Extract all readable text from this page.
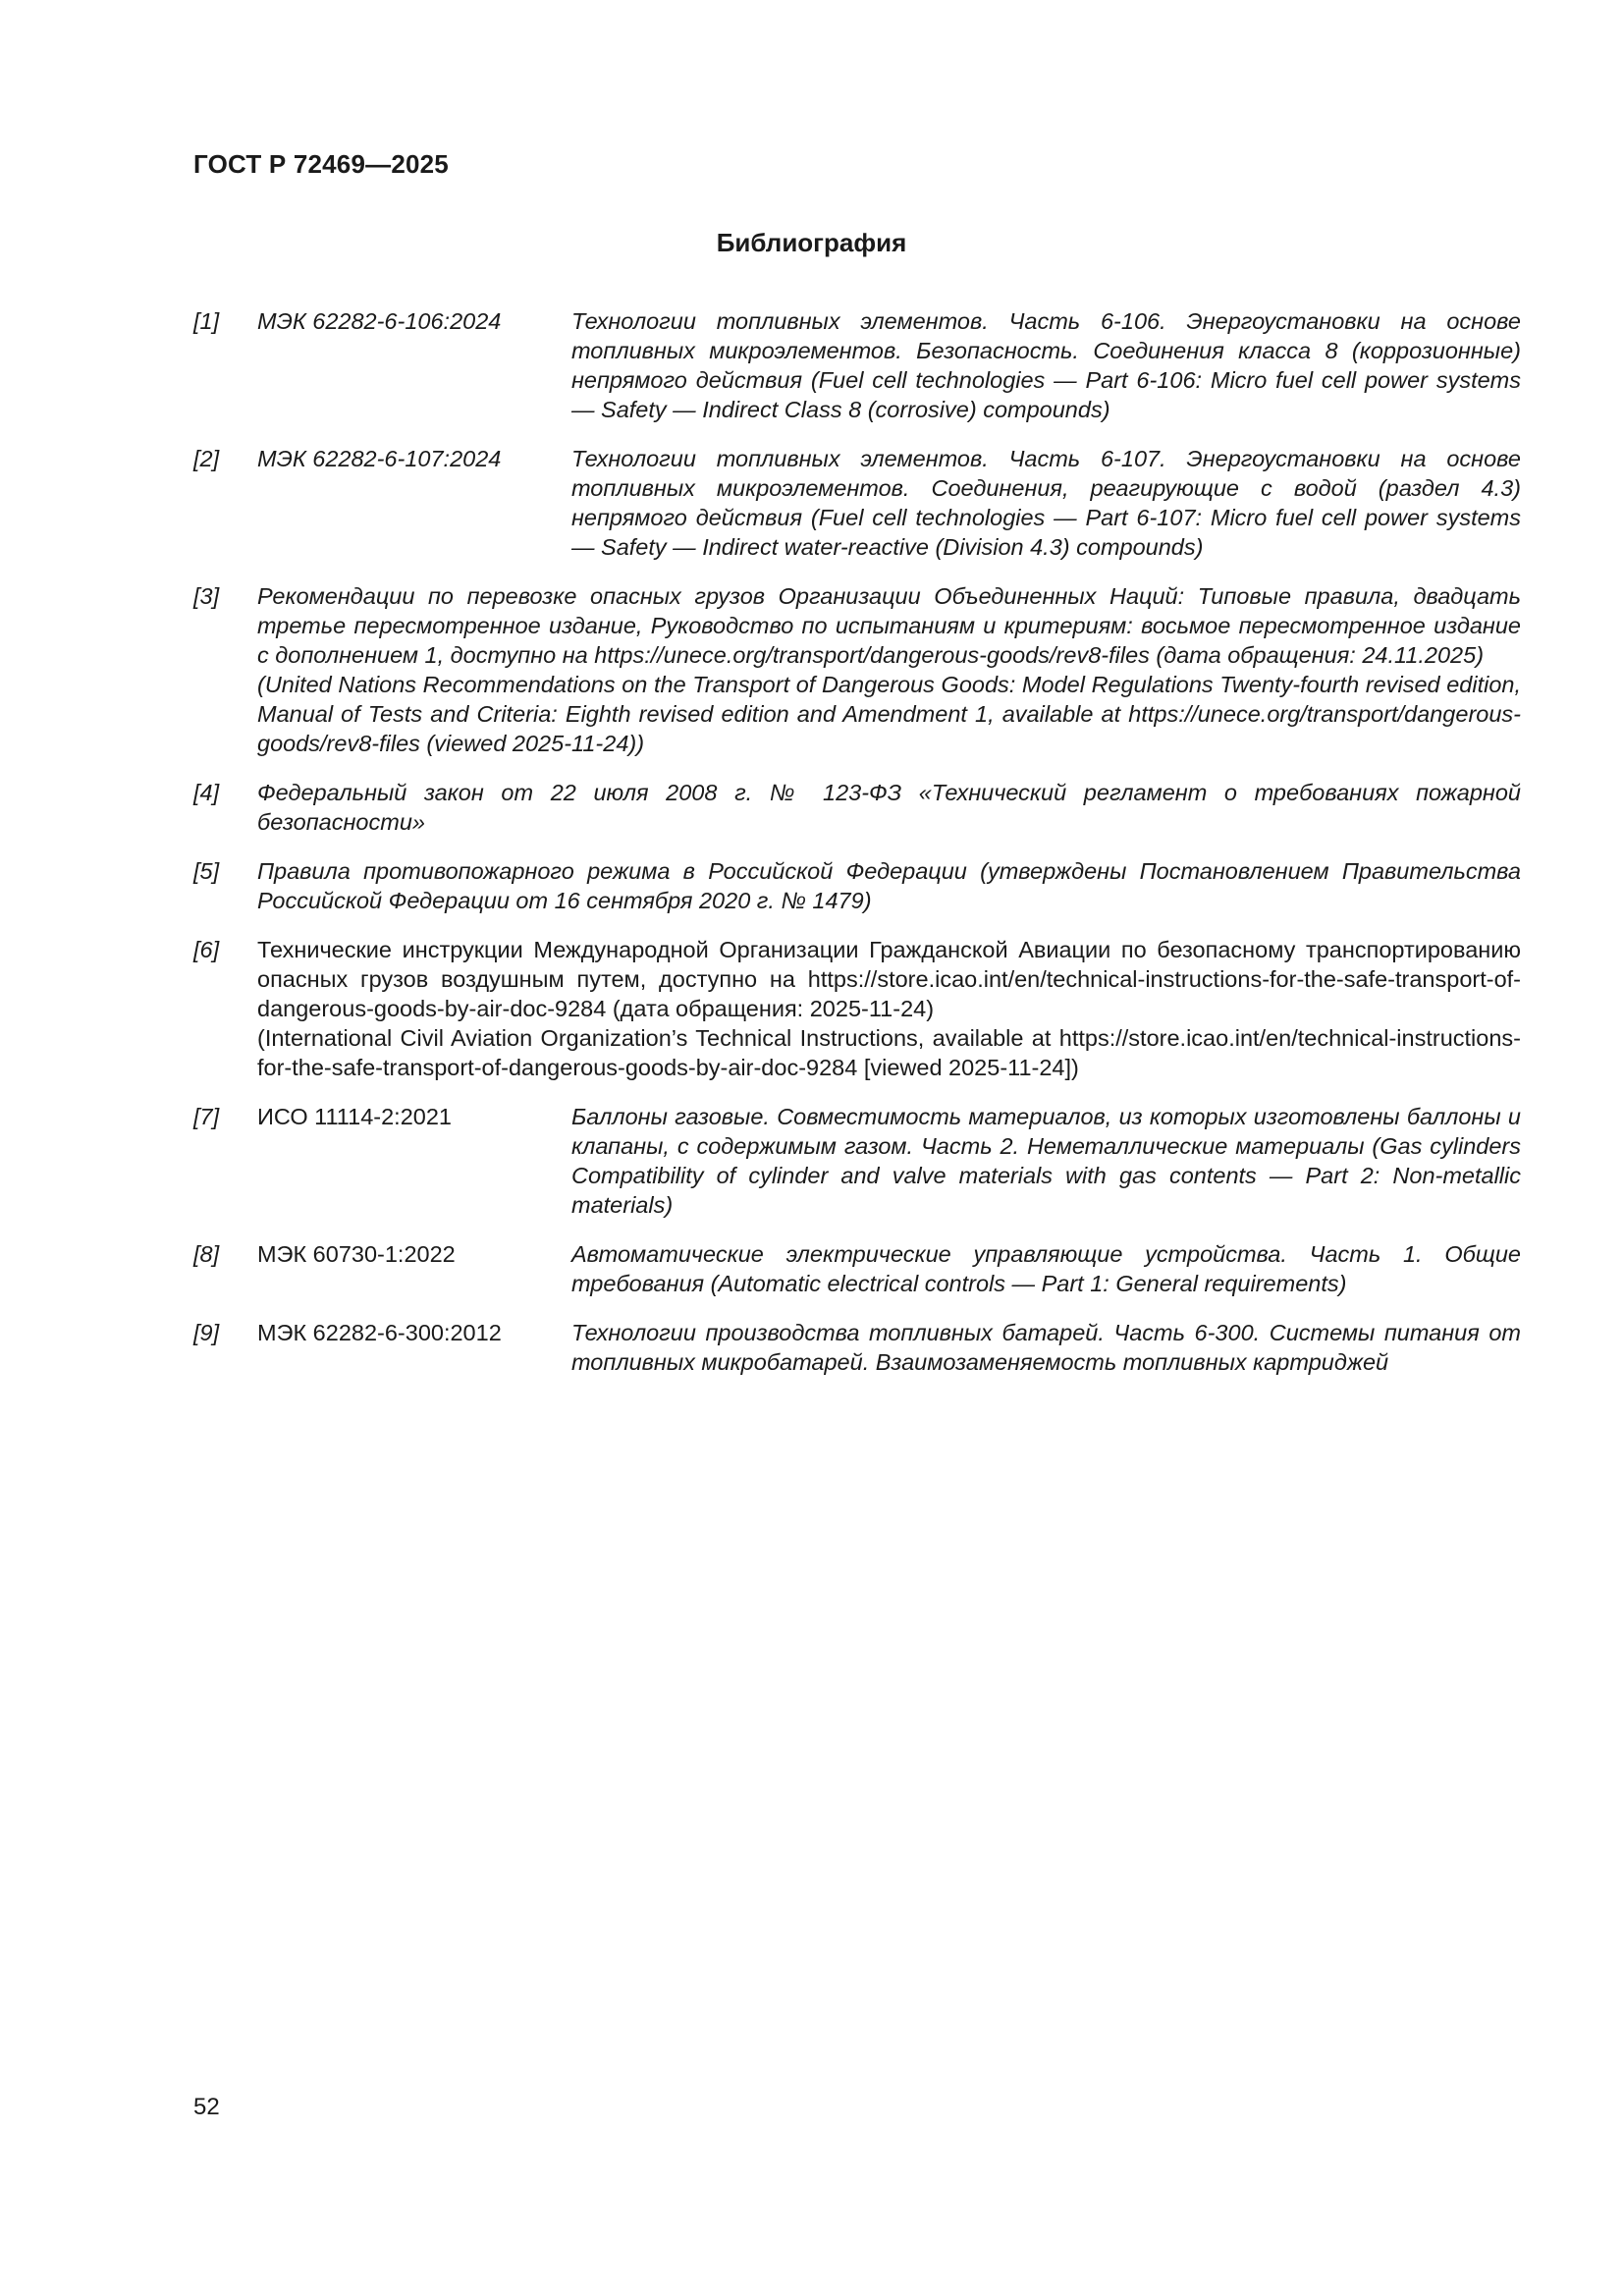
ГОСТ Р 72469—2025
Библиография
[1] МЭК 62282-6-106:2024	Технологии топливных элементов. Часть 6-106. Энергоустановки на основе топливных микроэлементов. Безопасность. Соединения класса 8 (коррозионные) непрямого действия (Fuel cell technologies — Part 6-106: Micro fuel cell power systems — Safety — Indirect Class 8 (corrosive) compounds)
[2] МЭК 62282-6-107:2024	Технологии топливных элементов. Часть 6-107. Энергоустановки на основе топливных микроэлементов. Соединения, реагирующие с водой (раздел 4.3) непрямого действия (Fuel cell technologies — Part 6-107: Micro fuel cell power systems — Safety — Indirect water-reactive (Division 4.3) compounds)
[3] Рекомендации по перевозке опасных грузов Организации Объединенных Наций: Типовые правила, двадцать третье пересмотренное издание, Руководство по испытаниям и критериям: восьмое пересмотренное издание с дополнением 1, доступно на https://unece.org/transport/dangerous-goods/rev8-files (дата обращения: 24.11.2025)
(United Nations Recommendations on the Transport of Dangerous Goods: Model Regulations Twenty-fourth revised edition, Manual of Tests and Criteria: Eighth revised edition and Amendment 1, available at https://unece.org/transport/dangerous-goods/rev8-files (viewed 2025-11-24))
[4] Федеральный закон от 22 июля 2008 г. № 123-ФЗ «Технический регламент о требованиях пожарной безопасности»
[5] Правила противопожарного режима в Российской Федерации (утверждены Постановлением Правительства Российской Федерации от 16 сентября 2020 г. № 1479)
[6] Технические инструкции Международной Организации Гражданской Авиации по безопасному транспортированию опасных грузов воздушным путем, доступно на https://store.icao.int/en/technical-instructions-for-the-safe-transport-of-dangerous-goods-by-air-doc-9284 (дата обращения: 2025-11-24)
(International Civil Aviation Organization’s Technical Instructions, available at https://store.icao.int/en/technical-instructions-for-the-safe-transport-of-dangerous-goods-by-air-doc-9284 [viewed 2025-11-24])
[7] ИСО 11114-2:2021	Баллоны газовые. Совместимость материалов, из которых изготовлены баллоны и клапаны, с содержимым газом. Часть 2. Неметаллические материалы (Gas cylinders Compatibility of cylinder and valve materials with gas contents — Part 2: Non-metallic materials)
[8] МЭК 60730-1:2022	Автоматические электрические управляющие устройства. Часть 1. Общие требования (Automatic electrical controls — Part 1: General requirements)
[9] МЭК 62282-6-300:2012	Технологии производства топливных батарей. Часть 6-300. Системы питания от топливных микробатарей. Взаимозаменяемость топливных картриджей
52
